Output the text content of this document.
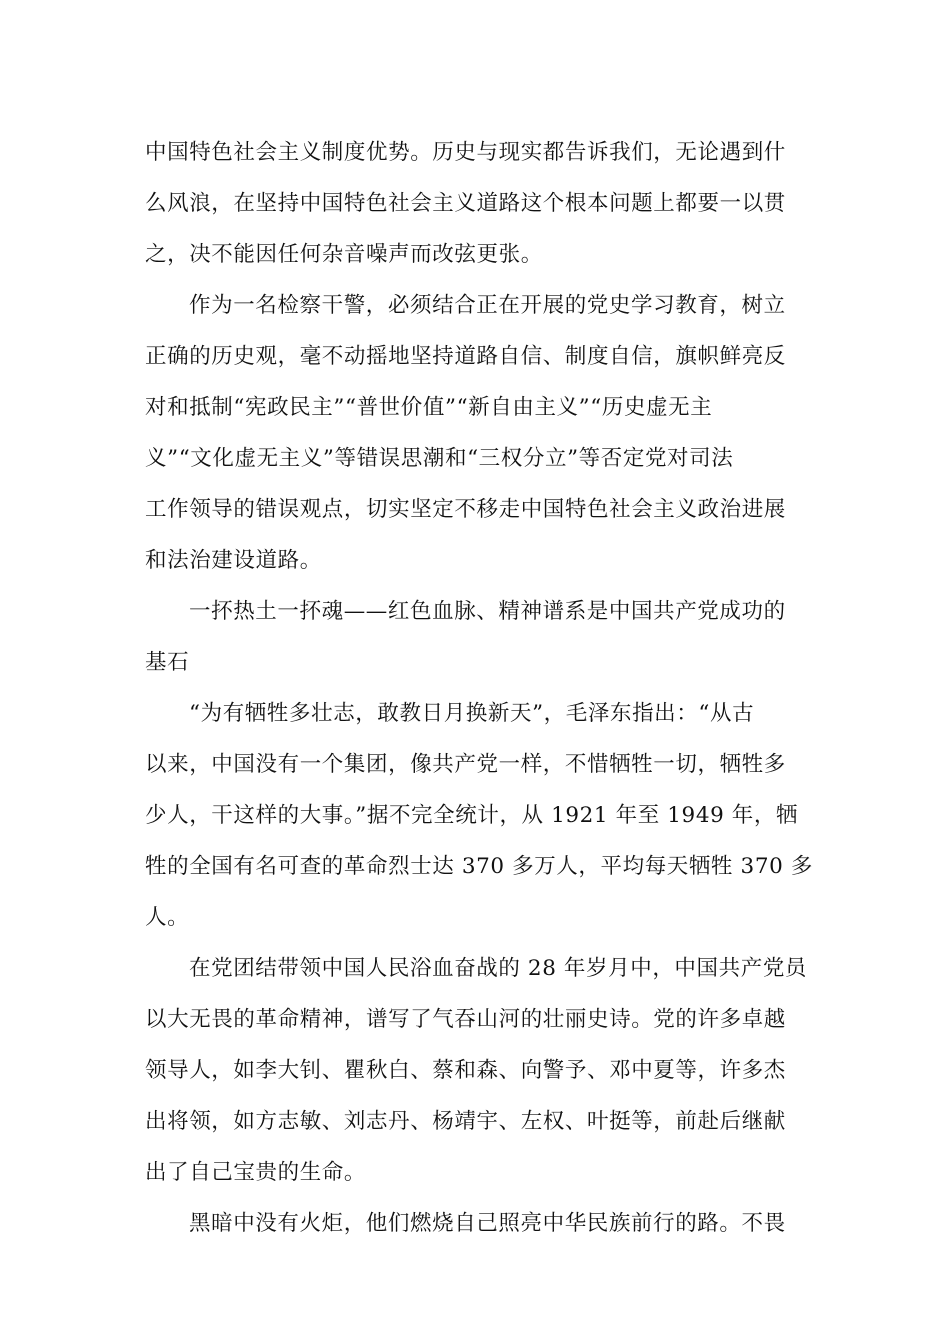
中国特色社会主义制度优势。历史与现实都告诉我们，无论遇到什
么风浪，在坚持中国特色社会主义道路这个根本问题上都要一以贯
之，决不能因任何杂音噪声而改弦更张。
作为一名检察干警，必须结合正在开展的党史学习教育，树立
正确的历史观，毫不动摇地坚持道路自信、制度自信，旗帜鲜亮反
对和抵制“宪政民主”“普世价值”“新自由主义”“历史虚无主
义”“文化虚无主义”等错误思潮和“三权分立”等否定党对司法
工作领导的错误观点，切实坚定不移走中国特色社会主义政治进展
和法治建设道路。
一抔热土一抔魂——红色血脉、精神谱系是中国共产党成功的
基石
“为有牺牲多壮志，敢教日月换新天”，毛泽东指出：“从古
以来，中国没有一个集团，像共产党一样，不惜牺牲一切，牺牲多
少人，干这样的大事。”据不完全统计，从 1921 年至 1949 年，牺
牲的全国有名可查的革命烈士达 370 多万人，平均每天牺牲 370 多
人。
在党团结带领中国人民浴血奋战的 28 年岁月中，中国共产党员
以大无畏的革命精神，谱写了气吞山河的壮丽史诗。党的许多卓越
领导人，如李大钊、瞿秋白、蔡和森、向警予、邓中夏等，许多杰
出将领，如方志敏、刘志丹、杨靖宇、左权、叶挺等，前赴后继献
出了自己宝贵的生命。
黑暗中没有火炬，他们燃烧自己照亮中华民族前行的路。不畏
